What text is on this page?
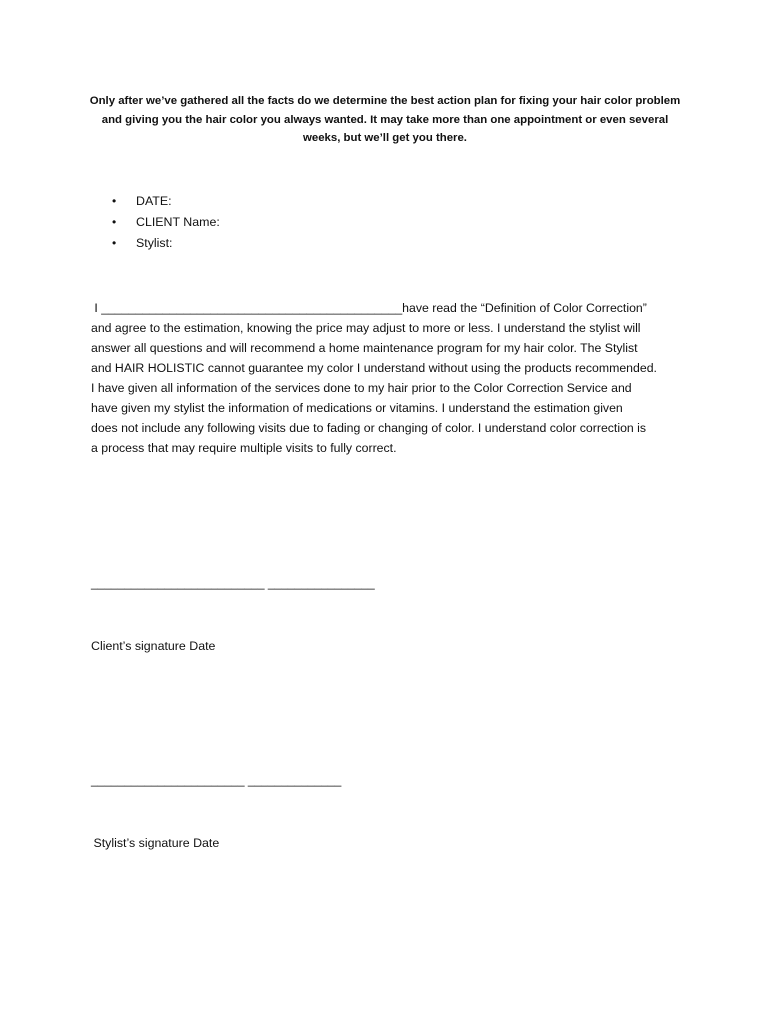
Only after we’ve gathered all the facts do we determine the best action plan for fixing your hair color problem
and giving you the hair color you always wanted. It may take more than one appointment or even several
weeks, but we’ll get you there.
• DATE:
• CLIENT Name:
• Stylist:
I ____________________________________________have read the “Definition of Color Correction”
and agree to the estimation, knowing the price may adjust to more or less. I understand the stylist will
answer all questions and will recommend a home maintenance program for my hair color. The Stylist
and HAIR HOLISTIC cannot guarantee my color I understand without using the products recommended.
I have given all information of the services done to my hair prior to the Color Correction Service and
have given my stylist the information of medications or vitamins. I understand the estimation given
does not include any following visits due to fading or changing of color. I understand color correction is
a process that may require multiple visits to fully correct.
__________________________ ________________
Client’s signature Date
_______________________ ______________
Stylist’s signature Date
